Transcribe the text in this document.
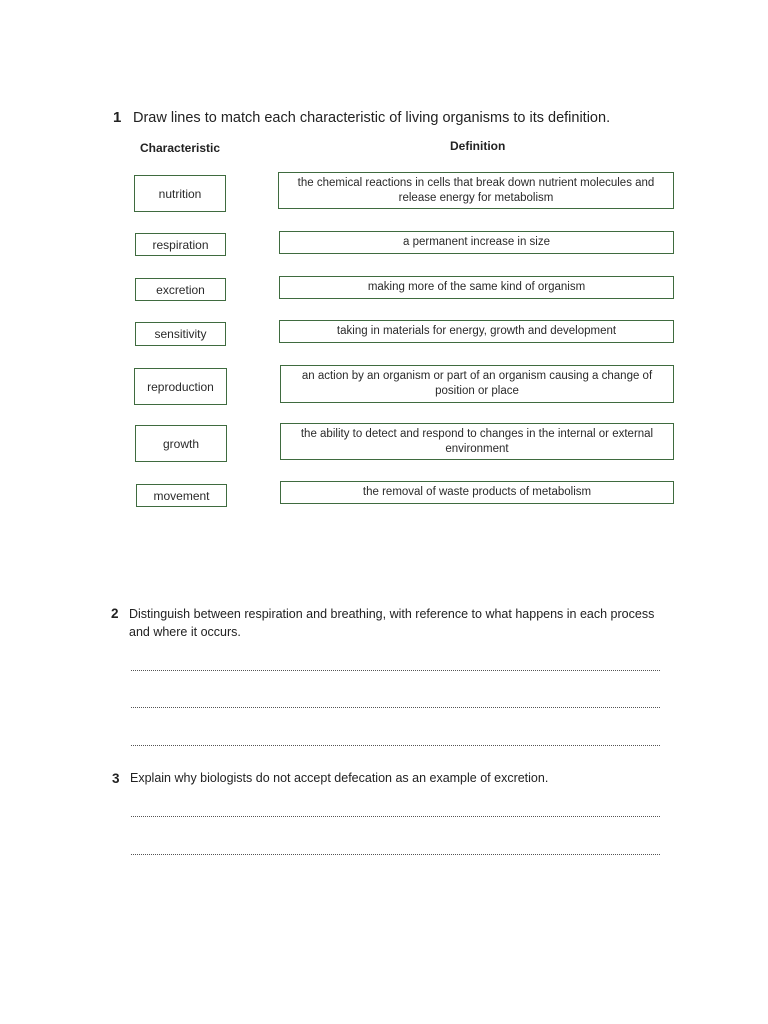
1 Draw lines to match each characteristic of living organisms to its definition.
Characteristic	Definition
nutrition
respiration
excretion
sensitivity
reproduction
growth
movement
the chemical reactions in cells that break down nutrient molecules and release energy for metabolism
a permanent increase in size
making more of the same kind of organism
taking in materials for energy, growth and development
an action by an organism or part of an organism causing a change of position or place
the ability to detect and respond to changes in the internal or external environment
the removal of waste products of metabolism
2 Distinguish between respiration and breathing, with reference to what happens in each process and where it occurs.
3 Explain why biologists do not accept defecation as an example of excretion.
